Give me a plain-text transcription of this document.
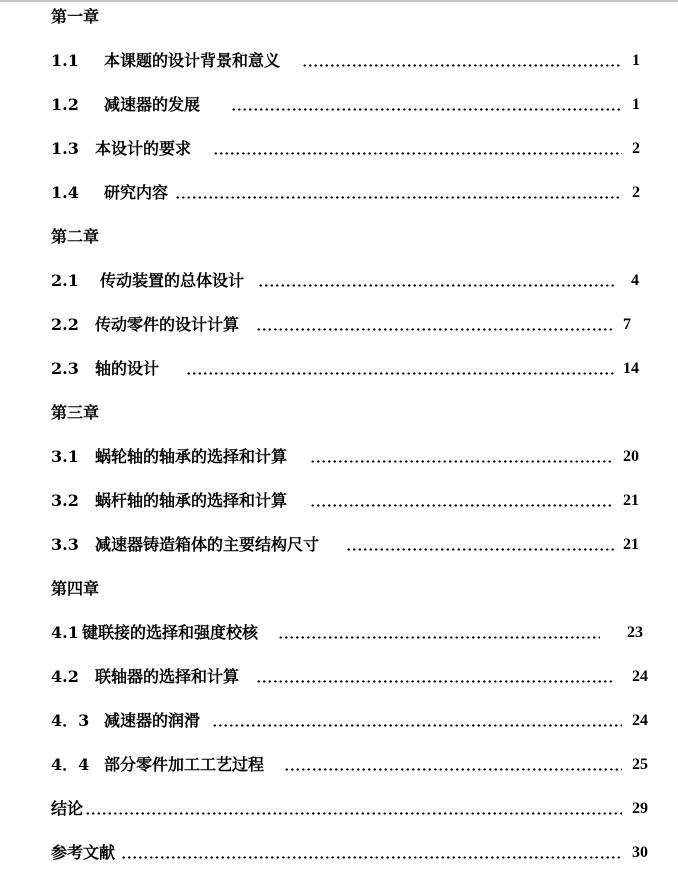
第一章
1.1 本课题的设计背景和意义	1
1.2 减速器的发展	1
1.3 本设计的要求	2
1.4 研究内容	2
第二章
2.1 传动装置的总体设计	4
2.2 传动零件的设计计算	7
2.3 轴的设计	14
第三章
3.1 蜗轮轴的轴承的选择和计算	20
3.2 蜗杆轴的轴承的选择和计算	21
3.3 减速器铸造箱体的主要结构尺寸	21
第四章
4.1 键联接的选择和强度校核	23
4.2 联轴器的选择和计算	24
4．3 减速器的润滑	24
4．4 部分零件加工工艺过程	25
结论	29
参考文献	30
